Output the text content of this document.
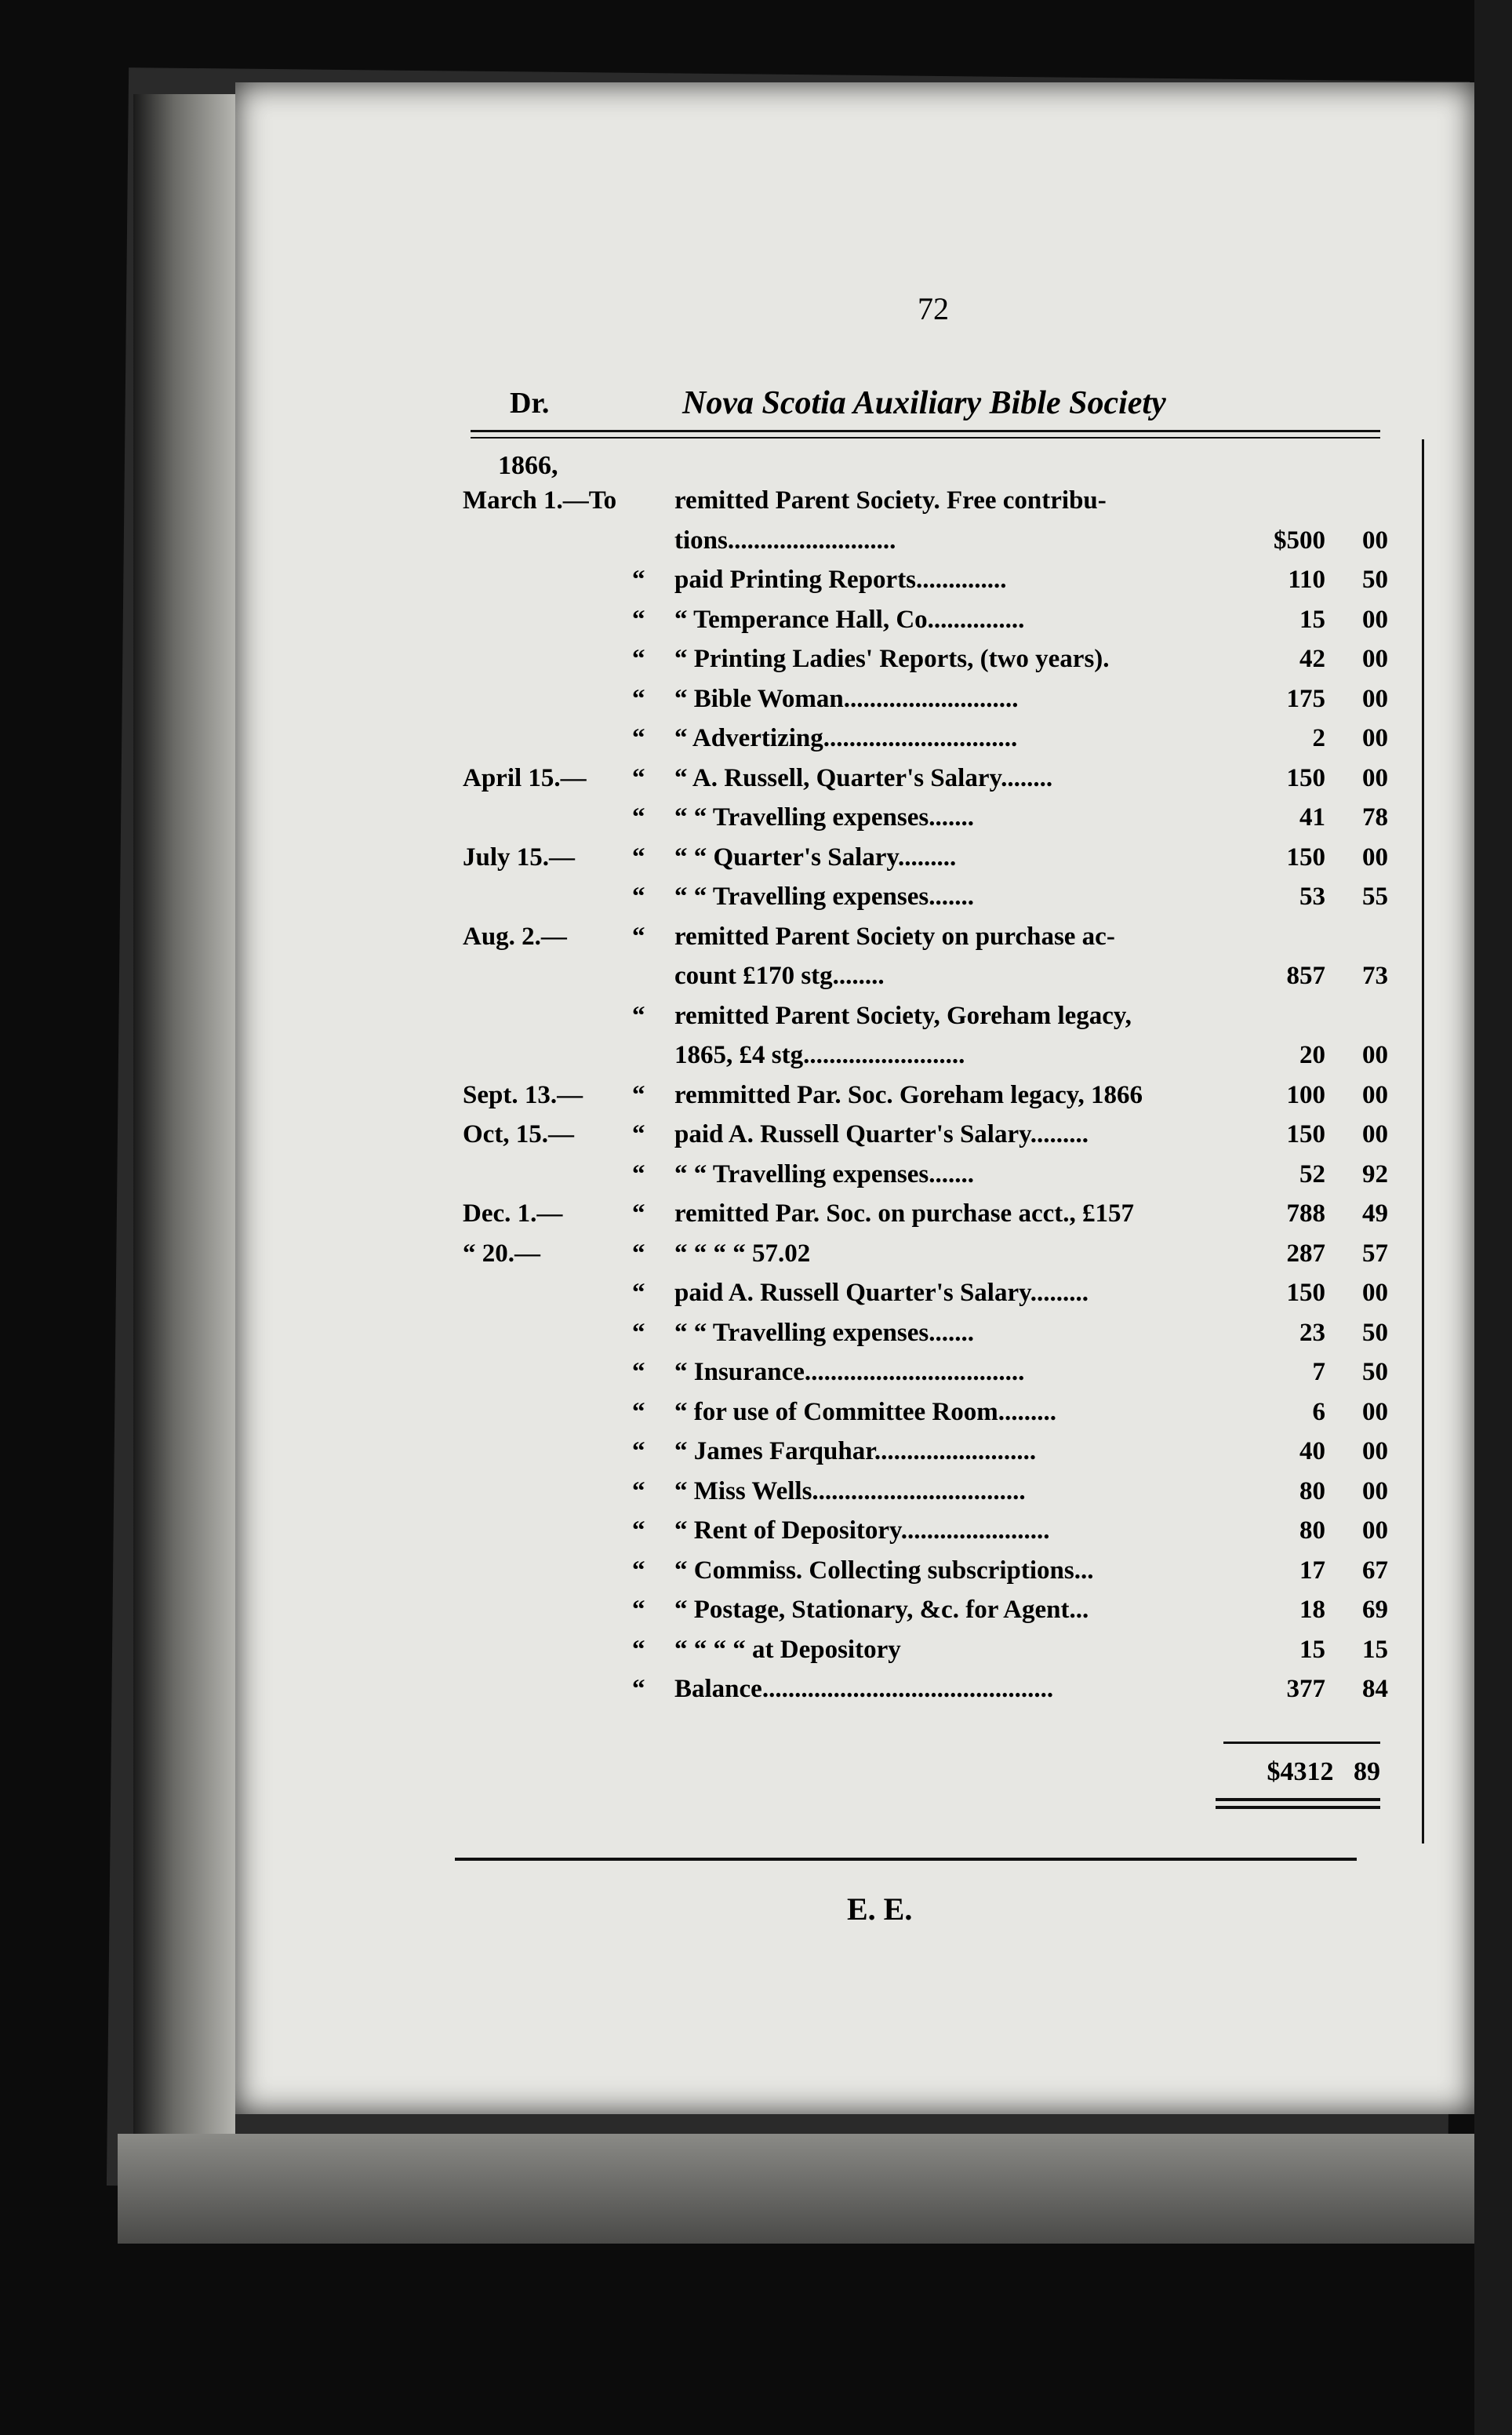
72
Dr.	Nova Scotia Auxiliary Bible Society
1866,
March 1.—To remitted Parent Society. Free contribu-
tions..........................	$500	00
“	paid Printing Reports..............	110	50
“	“ Temperance Hall, Co...............	15	00
“	“ Printing Ladies' Reports, (two years).	42	00
“	“ Bible Woman...........................	175	00
“	“ Advertizing..............................	2	00
April 15.—	“	“ A. Russell, Quarter's Salary........	150	00
“	“ “ Travelling expenses.......	41	78
July 15.—	“	“ “ Quarter's Salary.........	150	00
“	“ “ Travelling expenses.......	53	55
Aug. 2.—	“	remitted Parent Society on purchase ac-
count £170 stg........	857	73
“	remitted Parent Society, Goreham legacy,
1865, £4 stg.........................	20	00
Sept. 13.—	“	remmitted Par. Soc. Goreham legacy, 1866	100	00
Oct, 15.—	“	paid A. Russell Quarter's Salary.........	150	00
“	“ “ Travelling expenses.......	52	92
Dec. 1.—	“	remitted Par. Soc. on purchase acct., £157	788	49
“ 20.—	“	“ “ “ “ 57.02	287	57
“	paid A. Russell Quarter's Salary.........	150	00
“	“ “ Travelling expenses.......	23	50
“	“ Insurance..................................	7	50
“	“ for use of Committee Room.........	6	00
“	“ James Farquhar.........................	40	00
“	“ Miss Wells.................................	80	00
“	“ Rent of Depository.......................	80	00
“	“ Commiss. Collecting subscriptions...	17	67
“	“ Postage, Stationary, &c. for Agent...	18	69
“	“ “ “ “ at Depository	15	15
“	Balance.............................................	377	84
$4312 89
E. E.
